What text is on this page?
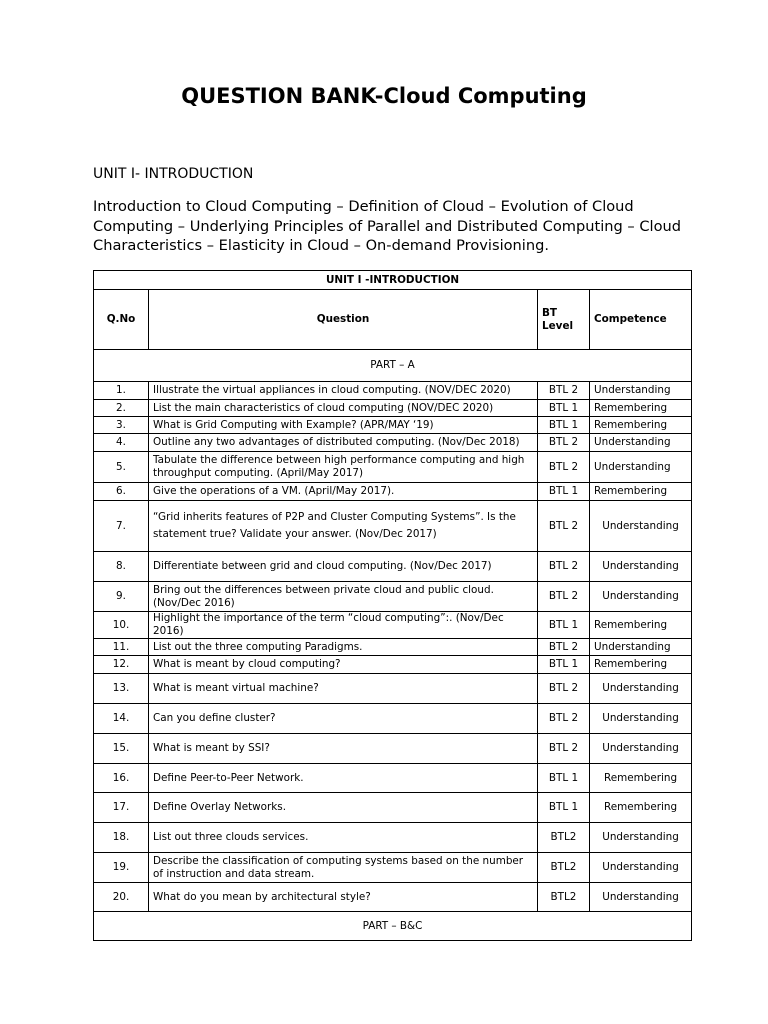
QUESTION BANK-Cloud Computing
UNIT I- INTRODUCTION
Introduction to Cloud Computing – Definition of Cloud – Evolution of Cloud Computing – Underlying Principles of Parallel and Distributed Computing – Cloud Characteristics – Elasticity in Cloud – On-demand Provisioning.
UNIT I -INTRODUCTION			
Q.No	Question	BT Level	Competence
PART – A			
1.	Illustrate the virtual appliances in cloud computing. (NOV/DEC 2020)	BTL 2	Understanding
2.	List the main characteristics of cloud computing (NOV/DEC 2020)	BTL 1	Remembering
3.	What is Grid Computing with Example? (APR/MAY ‘19)	BTL 1	Remembering
4.	Outline any two advantages of distributed computing. (Nov/Dec 2018)	BTL 2	Understanding
5.	Tabulate the difference between high performance computing and high throughput computing. (April/May 2017)	BTL 2	Understanding
6.	Give the operations of a VM. (April/May 2017).	BTL 1	Remembering
7.	“Grid inherits features of P2P and Cluster Computing Systems”. Is the statement true? Validate your answer. (Nov/Dec 2017)	BTL 2	Understanding
8.	Differentiate between grid and cloud computing. (Nov/Dec 2017)	BTL 2	Understanding
9.	Bring out the differences between private cloud and public cloud. (Nov/Dec 2016)	BTL 2	Understanding
10.	Highlight the importance of the term “cloud computing”:. (Nov/Dec 2016)	BTL 1	Remembering
11.	List out the three computing Paradigms.	BTL 2	Understanding
12.	What is meant by cloud computing?	BTL 1	Remembering
13.	What is meant virtual machine?	BTL 2	Understanding
14.	Can you define cluster?	BTL 2	Understanding
15.	What is meant by SSI?	BTL 2	Understanding
16.	Define Peer-to-Peer Network.	BTL 1	Remembering
17.	Define Overlay Networks.	BTL 1	Remembering
18.	List out three clouds services.	BTL2	Understanding
19.	Describe the classification of computing systems based on the number of instruction and data stream.	BTL2	Understanding
20.	What do you mean by architectural style?	BTL2	Understanding
PART – B&C			
